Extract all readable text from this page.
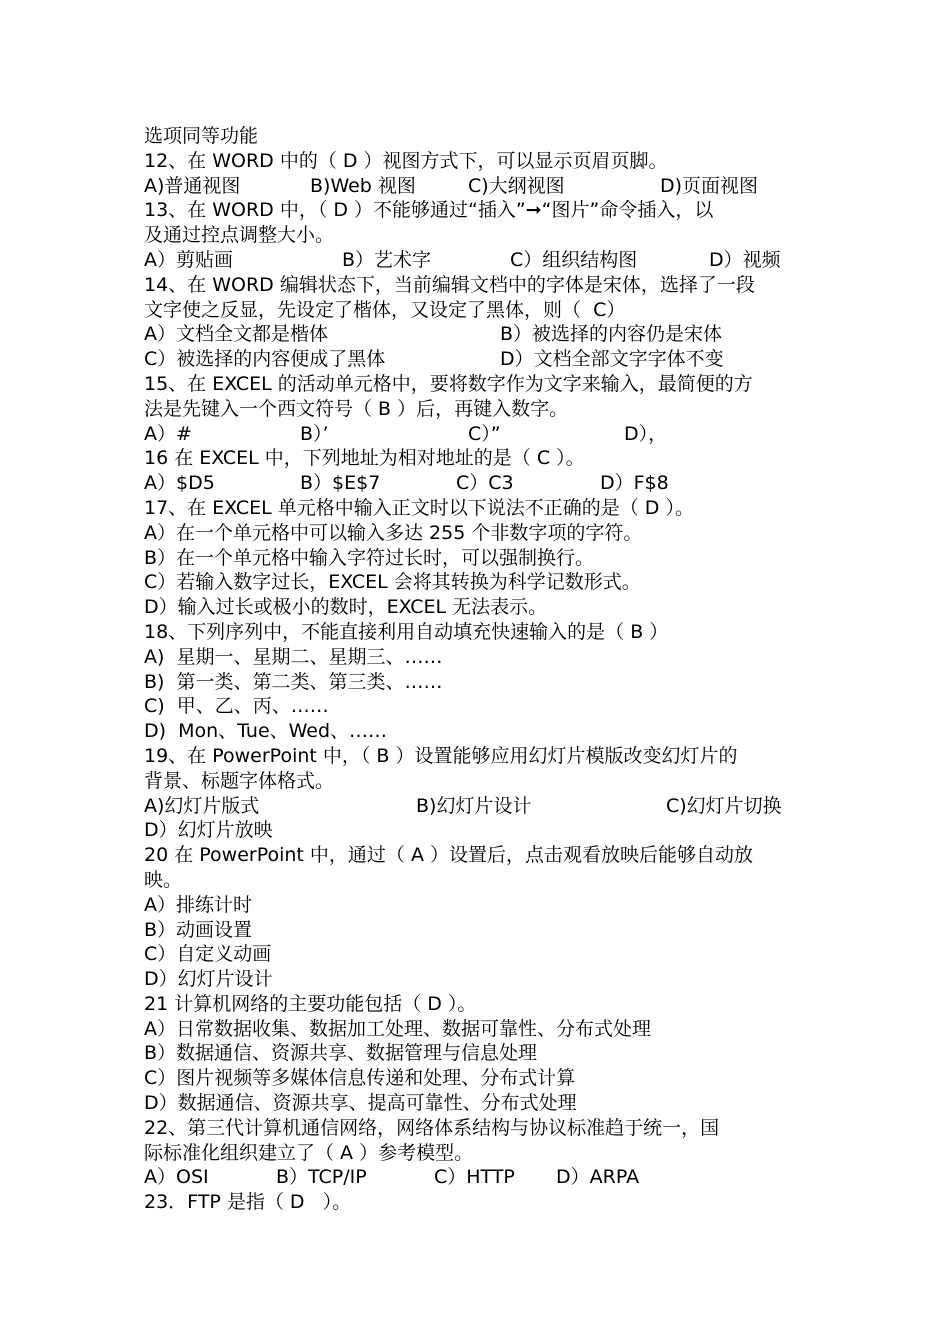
选项同等功能
12、在 WORD 中的（ D ）视图方式下，可以显示页眉页脚。
A)普通视图	B)Web 视图	C)大纲视图	D)页面视图
13、在 WORD 中，（ D ）不能够通过“插入”➞“图片”命令插入，以
及通过控点调整大小。
A）剪贴画	B）艺术字	C）组织结构图	D）视频
14、在 WORD 编辑状态下，当前编辑文档中的字体是宋体，选择了一段
文字使之反显，先设定了楷体，又设定了黑体，则（  C）
A）文档全文都是楷体	B）被选择的内容仍是宋体
C）被选择的内容便成了黑体	D）文档全部文字字体不变
15、在 EXCEL 的活动单元格中，要将数字作为文字来输入，最简便的方
法是先键入一个西文符号（ B ）后，再键入数字。
A）#	B）’	C）”	D），
16 在 EXCEL 中，下列地址为相对地址的是（ C ）。
A）$D5	B）$E$7	C）C3	D）F$8
17、在 EXCEL 单元格中输入正文时以下说法不正确的是（ D ）。
A）在一个单元格中可以输入多达 255 个非数字项的字符。
B）在一个单元格中输入字符过长时，可以强制换行。
C）若输入数字过长，EXCEL 会将其转换为科学记数形式。
D）输入过长或极小的数时，EXCEL 无法表示。
18、下列序列中，不能直接利用自动填充快速输入的是（ B ）
A)  星期一、星期二、星期三、……
B)  第一类、第二类、第三类、……
C)  甲、乙、丙、……
D)  Mon、Tue、Wed、……
19、在 PowerPoint 中，（ B ）设置能够应用幻灯片模版改变幻灯片的
背景、标题字体格式。
A)幻灯片版式	B)幻灯片设计	C)幻灯片切换
D）幻灯片放映
20 在 PowerPoint 中，通过（ A ）设置后，点击观看放映后能够自动放
映。
A）排练计时
B）动画设置
C）自定义动画
D）幻灯片设计
21 计算机网络的主要功能包括（ D ）。
A）日常数据收集、数据加工处理、数据可靠性、分布式处理
B）数据通信、资源共享、数据管理与信息处理
C）图片视频等多媒体信息传递和处理、分布式计算
D）数据通信、资源共享、提高可靠性、分布式处理
22、第三代计算机通信网络，网络体系结构与协议标准趋于统一，国
际标准化组织建立了（ A ）参考模型。
A）OSI	B）TCP/IP	C）HTTP	D）ARPA
23．FTP 是指（ D   ）。
